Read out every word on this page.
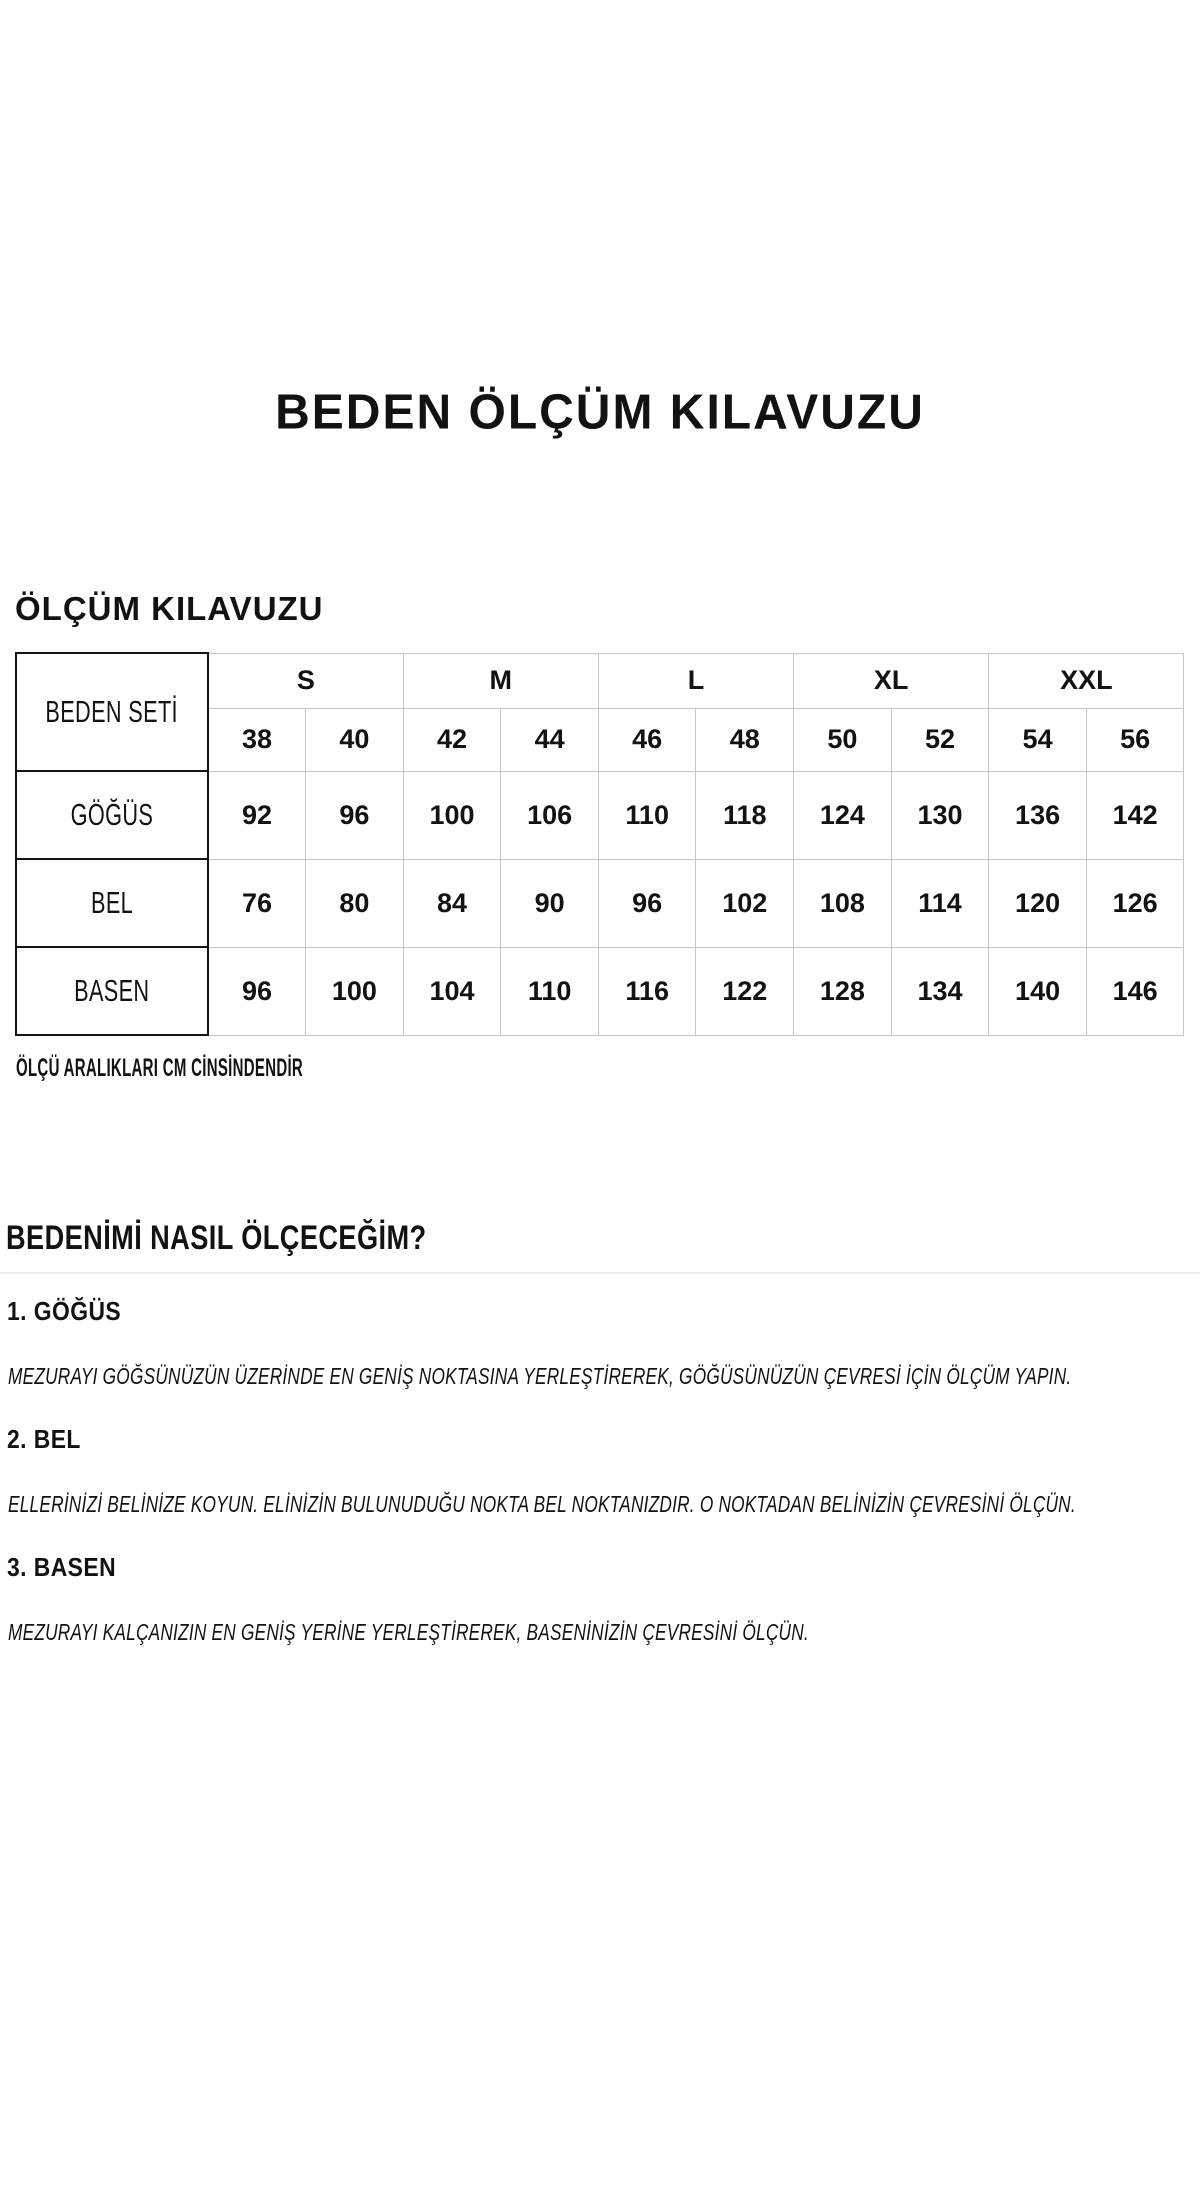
BEDEN ÖLÇÜM KILAVUZU
ÖLÇÜM KILAVUZU
BEDEN SETİ	S		M		L		XL		XXL	
	38	40	42	44	46	48	50	52	54	56
GÖĞÜS	92	96	100	106	110	118	124	130	136	142
BEL	76	80	84	90	96	102	108	114	120	126
BASEN	96	100	104	110	116	122	128	134	140	146
ÖLÇÜ ARALIKLARI CM CİNSİNDENDİR
BEDENİMİ NASIL ÖLÇECEĞİM?
1. GÖĞÜS

MEZURAYI GÖĞSÜNÜZÜN ÜZERİNDE EN GENİŞ NOKTASINA YERLEŞTİREREK, GÖĞÜSÜNÜZÜN ÇEVRESİ İÇİN ÖLÇÜM YAPIN.

2. BEL

ELLERİNİZİ BELİNİZE KOYUN. ELİNİZİN BULUNUDUĞU NOKTA BEL NOKTANIZDIR. O NOKTADAN BELİNİZİN ÇEVRESİNİ ÖLÇÜN.

3. BASEN

MEZURAYI KALÇANIZIN EN GENİŞ YERİNE YERLEŞTİREREK, BASENİNİZİN ÇEVRESİNİ ÖLÇÜN.
